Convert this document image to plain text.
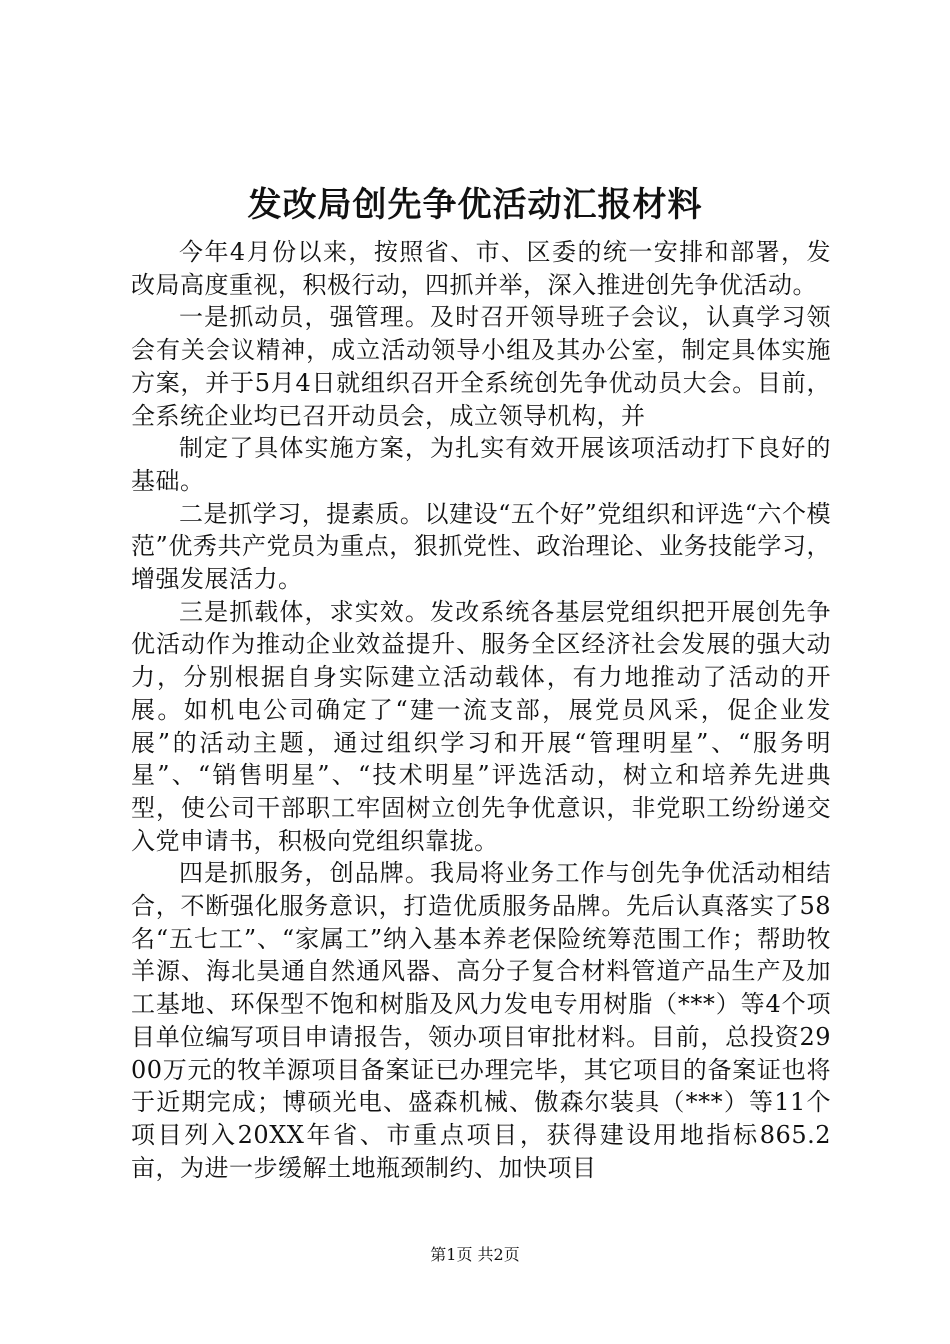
发改局创先争优活动汇报材料

今年4月份以来，按照省、市、区委的统一安排和部署，发改局高度重视，积极行动，四抓并举，深入推进创先争优活动。

一是抓动员，强管理。及时召开领导班子会议，认真学习领会有关会议精神，成立活动领导小组及其办公室，制定具体实施方案，并于5月4日就组织召开全系统创先争优动员大会。目前，全系统企业均已召开动员会，成立领导机构，并

制定了具体实施方案，为扎实有效开展该项活动打下良好的基础。

二是抓学习，提素质。以建设“五个好”党组织和评选“六个模范”优秀共产党员为重点，狠抓党性、政治理论、业务技能学习，增强发展活力。

三是抓载体，求实效。发改系统各基层党组织把开展创先争优活动作为推动企业效益提升、服务全区经济社会发展的强大动力，分别根据自身实际建立活动载体，有力地推动了活动的开展。如机电公司确定了“建一流支部，展党员风采，促企业发展”的活动主题，通过组织学习和开展“管理明星”、“服务明星”、“销售明星”、“技术明星”评选活动，树立和培养先进典型，使公司干部职工牢固树立创先争优意识，非党职工纷纷递交入党申请书，积极向党组织靠拢。

四是抓服务，创品牌。我局将业务工作与创先争优活动相结合，不断强化服务意识，打造优质服务品牌。先后认真落实了58名“五七工”、“家属工”纳入基本养老保险统筹范围工作；帮助牧羊源、海北昊通自然通风器、高分子复合材料管道产品生产及加工基地、环保型不饱和树脂及风力发电专用树脂（***）等4个项目单位编写项目申请报告，领办项目审批材料。目前，总投资2900万元的牧羊源项目备案证已办理完毕，其它项目的备案证也将于近期完成；博硕光电、盛森机械、傲森尔装具（***）等11个项目列入20XX年省、市重点项目，获得建设用地指标865.2亩，为进一步缓解土地瓶颈制约、加快项目

第1页 共2页
